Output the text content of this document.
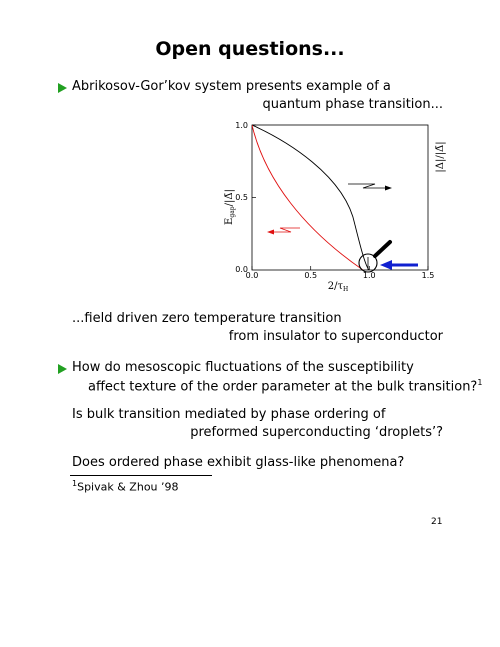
Open questions...
Abrikosov-Gor’kov system presents example of a
quantum phase transition...
0.0	0.5	1.0	1.5
0.0
0.5
1.0
$E_{gap}/|\Deltā|$
|Δ|/|Δ̄|
$2/\tau_H$
...field driven zero temperature transition
from insulator to superconductor
How do mesoscopic fluctuations of the susceptibility
affect texture of the order parameter at the bulk transition?$^1$
Is bulk transition mediated by phase ordering of
preformed superconducting ‘droplets’?
Does ordered phase exhibit glass-like phenomena?
$^1$Spivak & Zhou ’98
21
